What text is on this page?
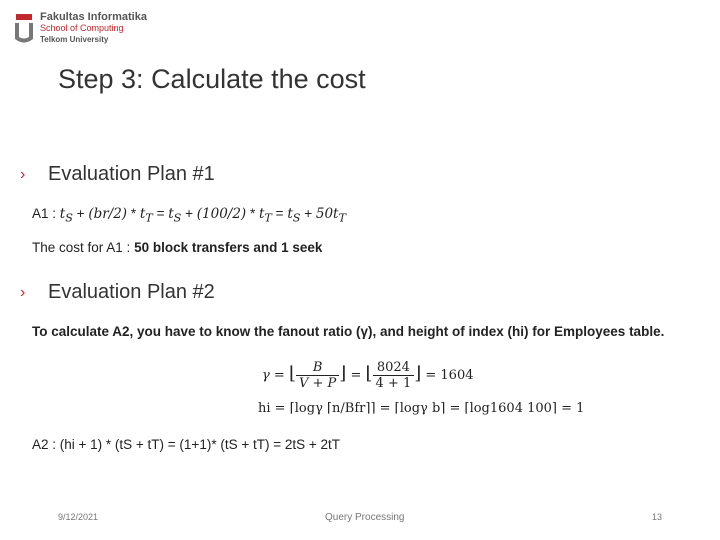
Fakultas Informatika
School of Computing
Telkom University
Step 3: Calculate the cost
›	Evaluation Plan #1
A1 : $t_S + (br/2) * t_T = t_S + (100/2) * t_T = t_S + 50t_T$
The cost for A1 : 50 block transfers and 1 seek
›	Evaluation Plan #2
To calculate A2, you have to know the fanout ratio (γ), and height of index (hi) for Employees table.
γ = ⌊ $\frac{B}{V + P}$ ⌋ = ⌊ $\frac{8024}{4 + 1}$ ⌋ = 1604
hi = ⌈logγ ⌈n/Bfr⌉⌉ = ⌈logγ b⌉ = ⌈log1604 100⌉ = 1
A2 : (hi + 1) * (tS + tT) = (1+1)* (tS + tT) = 2tS + 2tT
9/12/2021	Query Processing	13
